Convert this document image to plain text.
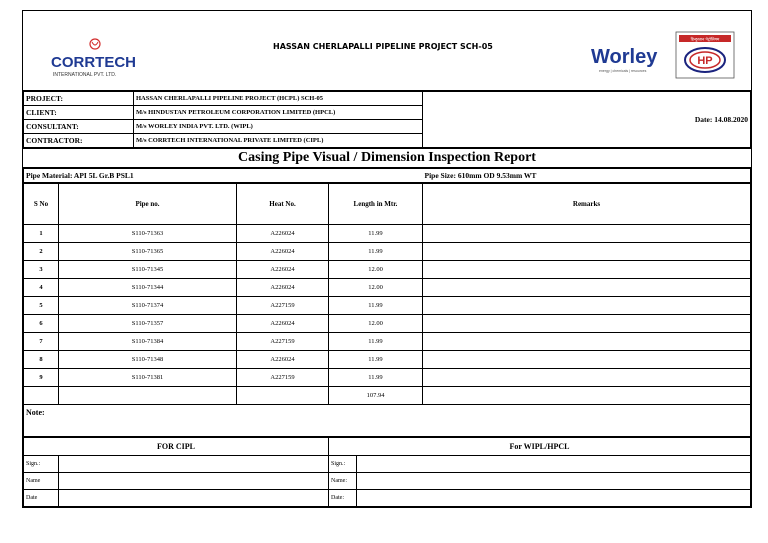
CORRTECH
INTERNATIONAL PVT. LTD.
HASSAN CHERLAPALLI PIPELINE PROJECT SCH-05	Worley
energy | chemicals | resources
हिन्दुस्तान पेट्रोलियम
HP
PROJECT:	HASSAN CHERLAPALLI PIPELINE PROJECT (HCPL) SCH-05	Date: 14.08.2020
CLIENT:	M/s HINDUSTAN PETROLEUM CORPORATION LIMITED (HPCL)	
CONSULTANT:	M/s WORLEY INDIA PVT. LTD. (WIPL)	
CONTRACTOR:	M/s CORRTECH INTERNATIONAL PRIVATE LIMITED (CIPL)	
Casing Pipe Visual / Dimension Inspection Report
Pipe Material: API 5L Gr.B PSL1	Pipe Size: 610mm OD 9.53mm WT
S No	Pipe no.	Heat No.	Length in Mtr.	Remarks
1	S110-71363	A226024	11.99	
2	S110-71365	A226024	11.99	
3	S110-71345	A226024	12.00	
4	S110-71344	A226024	12.00	
5	S110-71374	A227159	11.99	
6	S110-71357	A226024	12.00	
7	S110-71384	A227159	11.99	
8	S110-71348	A226024	11.99	
9	S110-71381	A227159	11.99	
			107.94	
Note:				
FOR CIPL		For WIPL/HPCL	
Sign.:		Sign.:	
Name		Name:	
Date		Date:	
